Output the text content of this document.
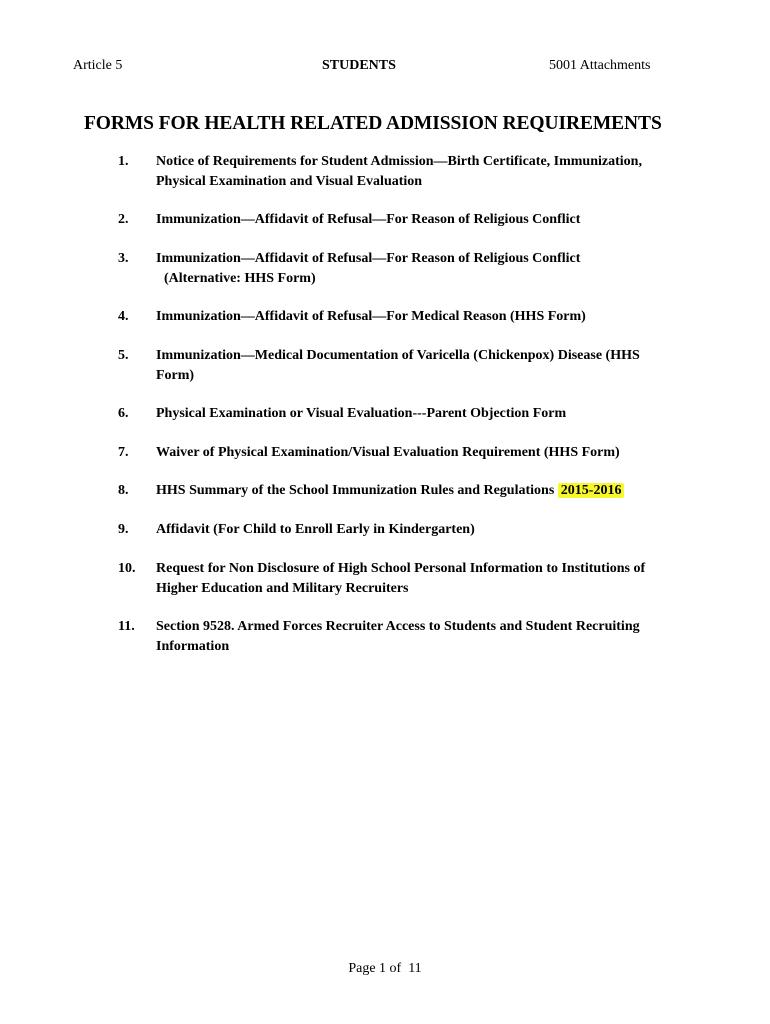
Article 5	STUDENTS	5001 Attachments
FORMS FOR HEALTH RELATED ADMISSION REQUIREMENTS
1. Notice of Requirements for Student Admission—Birth Certificate, Immunization,
Physical Examination and Visual Evaluation
2. Immunization—Affidavit of Refusal—For Reason of Religious Conflict
3. Immunization—Affidavit of Refusal—For Reason of Religious Conflict
(Alternative: HHS Form)
4. Immunization—Affidavit of Refusal—For Medical Reason (HHS Form)
5. Immunization—Medical Documentation of Varicella (Chickenpox) Disease (HHS
Form)
6. Physical Examination or Visual Evaluation---Parent Objection Form
7. Waiver of Physical Examination/Visual Evaluation Requirement (HHS Form)
8. HHS Summary of the School Immunization Rules and Regulations 2015-2016
9. Affidavit (For Child to Enroll Early in Kindergarten)
10. Request for Non Disclosure of High School Personal Information to Institutions of
Higher Education and Military Recruiters
11. Section 9528. Armed Forces Recruiter Access to Students and Student Recruiting
Information
Page 1 of  11
